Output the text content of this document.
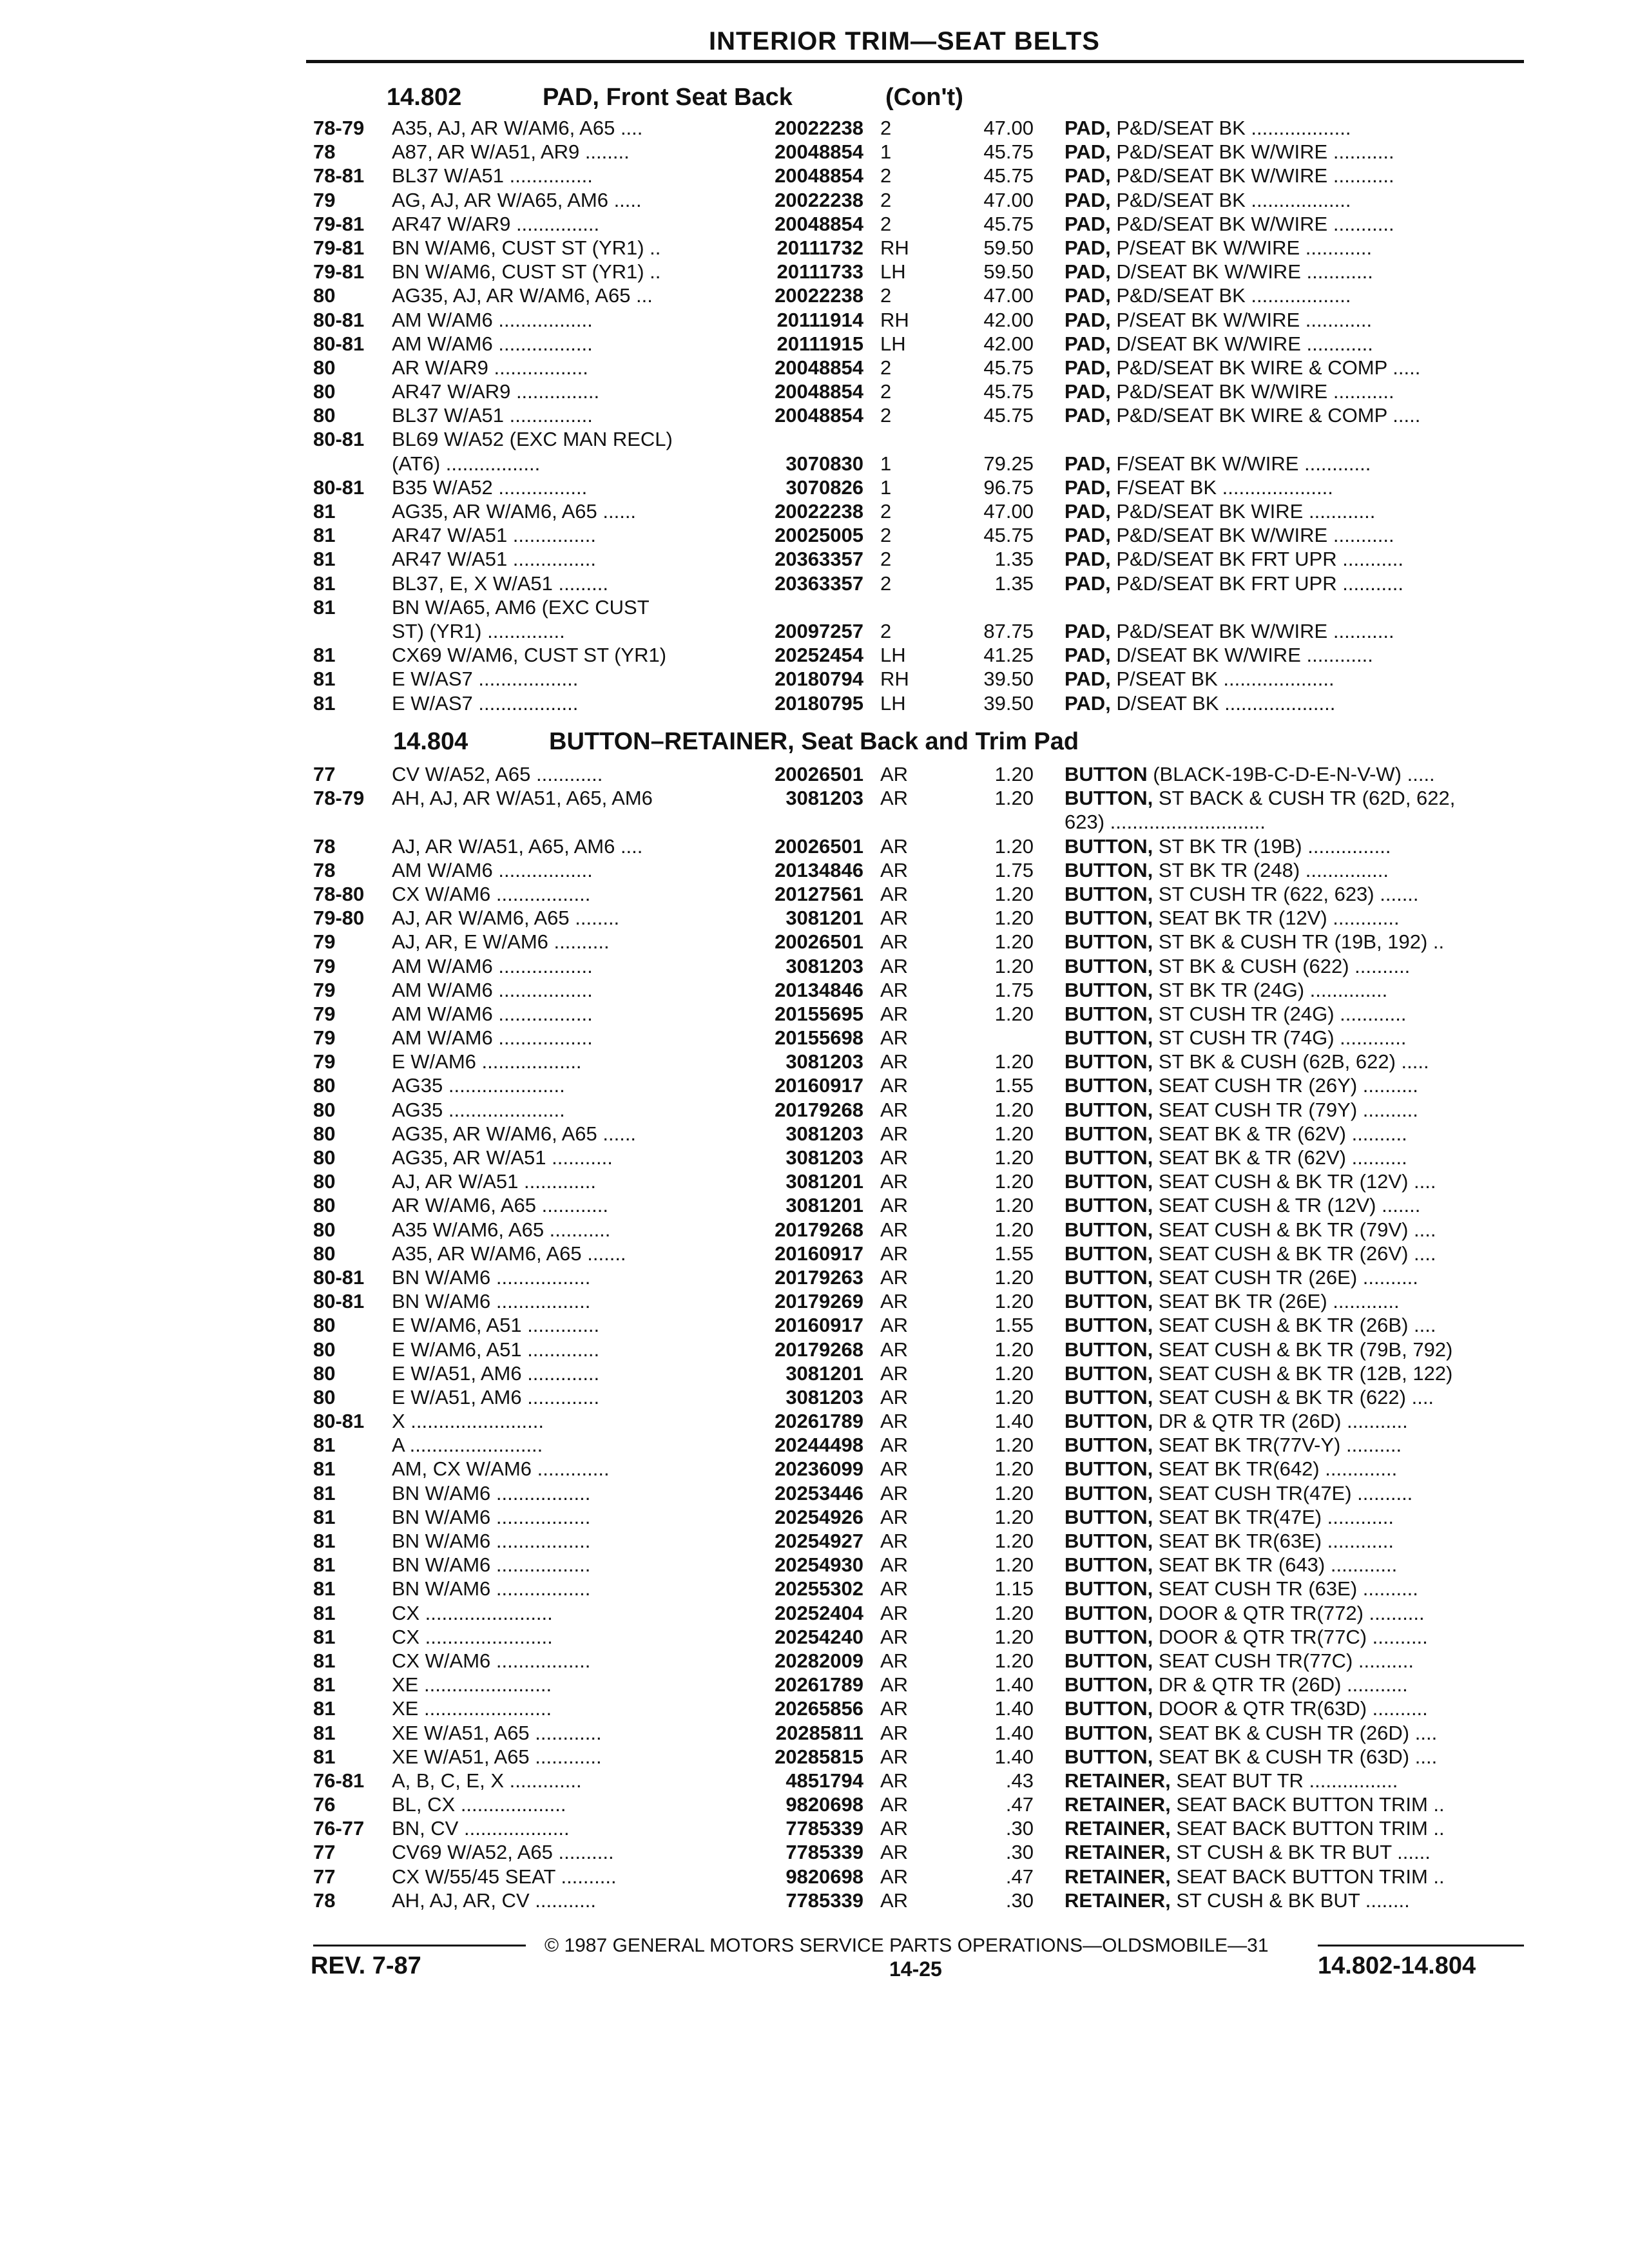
INTERIOR TRIM—SEAT BELTS
14.802	PAD, Front Seat Back	(Con't)
78-79	A35, AJ, AR W/AM6, A65 ....	20022238 2	47.00 PAD, P&D/SEAT BK ..................
78	A87, AR W/A51, AR9 ........	20048854 1	45.75 PAD, P&D/SEAT BK W/WIRE ...........
78-81	BL37 W/A51 ...............	20048854 2	45.75 PAD, P&D/SEAT BK W/WIRE ...........
79	AG, AJ, AR W/A65, AM6 .....	20022238 2	47.00 PAD, P&D/SEAT BK ..................
79-81	AR47 W/AR9 ...............	20048854 2	45.75 PAD, P&D/SEAT BK W/WIRE ...........
79-81	BN W/AM6, CUST ST (YR1) ..	20111732 RH	59.50 PAD, P/SEAT BK W/WIRE ............
79-81	BN W/AM6, CUST ST (YR1) ..	20111733 LH	59.50 PAD, D/SEAT BK W/WIRE ............
80	AG35, AJ, AR W/AM6, A65 ...	20022238 2	47.00 PAD, P&D/SEAT BK ..................
80-81	AM W/AM6 .................	20111914 RH	42.00 PAD, P/SEAT BK W/WIRE ............
80-81	AM W/AM6 .................	20111915 LH	42.00 PAD, D/SEAT BK W/WIRE ............
80	AR W/AR9 .................	20048854 2	45.75 PAD, P&D/SEAT BK WIRE & COMP .....
80	AR47 W/AR9 ...............	20048854 2	45.75 PAD, P&D/SEAT BK W/WIRE ...........
80	BL37 W/A51 ...............	20048854 2	45.75 PAD, P&D/SEAT BK WIRE & COMP .....
80-81	BL69 W/A52 (EXC MAN RECL)
(AT6) .................	3070830 1	79.25 PAD, F/SEAT BK W/WIRE ............
80-81	B35 W/A52 ................	3070826 1	96.75 PAD, F/SEAT BK ....................
81	AG35, AR W/AM6, A65 ......	20022238 2	47.00 PAD, P&D/SEAT BK WIRE ............
81	AR47 W/A51 ...............	20025005 2	45.75 PAD, P&D/SEAT BK W/WIRE ...........
81	AR47 W/A51 ...............	20363357 2	1.35 PAD, P&D/SEAT BK FRT UPR ...........
81	BL37, E, X W/A51 .........	20363357 2	1.35 PAD, P&D/SEAT BK FRT UPR ...........
81	BN W/A65, AM6 (EXC CUST
ST) (YR1) ..............	20097257 2	87.75 PAD, P&D/SEAT BK W/WIRE ...........
81	CX69 W/AM6, CUST ST (YR1)	20252454 LH	41.25 PAD, D/SEAT BK W/WIRE ............
81	E W/AS7 ..................	20180794 RH	39.50 PAD, P/SEAT BK ....................
81	E W/AS7 ..................	20180795 LH	39.50 PAD, D/SEAT BK ....................
14.804	BUTTON–RETAINER, Seat Back and Trim Pad
77	CV W/A52, A65 ............	20026501 AR	1.20 BUTTON (BLACK-19B-C-D-E-N-V-W) .....
78-79	AH, AJ, AR W/A51, A65, AM6	3081203 AR	1.20 BUTTON, ST BACK & CUSH TR (62D, 622,
623) ............................
78	AJ, AR W/A51, A65, AM6 ....	20026501 AR	1.20 BUTTON, ST BK TR (19B) ...............
78	AM W/AM6 .................	20134846 AR	1.75 BUTTON, ST BK TR (248) ...............
78-80	CX W/AM6 .................	20127561 AR	1.20 BUTTON, ST CUSH TR (622, 623) .......
79-80	AJ, AR W/AM6, A65 ........	3081201 AR	1.20 BUTTON, SEAT BK TR (12V) ............
79	AJ, AR, E W/AM6 ..........	20026501 AR	1.20 BUTTON, ST BK & CUSH TR (19B, 192) ..
79	AM W/AM6 .................	3081203 AR	1.20 BUTTON, ST BK & CUSH (622) ..........
79	AM W/AM6 .................	20134846 AR	1.75 BUTTON, ST BK TR (24G) ..............
79	AM W/AM6 .................	20155695 AR	1.20 BUTTON, ST CUSH TR (24G) ............
79	AM W/AM6 .................	20155698 AR	BUTTON, ST CUSH TR (74G) ............
79	E W/AM6 ..................	3081203 AR	1.20 BUTTON, ST BK & CUSH (62B, 622) .....
80	AG35 .....................	20160917 AR	1.55 BUTTON, SEAT CUSH TR (26Y) ..........
80	AG35 .....................	20179268 AR	1.20 BUTTON, SEAT CUSH TR (79Y) ..........
80	AG35, AR W/AM6, A65 ......	3081203 AR	1.20 BUTTON, SEAT BK & TR (62V) ..........
80	AG35, AR W/A51 ...........	3081203 AR	1.20 BUTTON, SEAT BK & TR (62V) ..........
80	AJ, AR W/A51 .............	3081201 AR	1.20 BUTTON, SEAT CUSH & BK TR (12V) ....
80	AR W/AM6, A65 ............	3081201 AR	1.20 BUTTON, SEAT CUSH & TR (12V) .......
80	A35 W/AM6, A65 ...........	20179268 AR	1.20 BUTTON, SEAT CUSH & BK TR (79V) ....
80	A35, AR W/AM6, A65 .......	20160917 AR	1.55 BUTTON, SEAT CUSH & BK TR (26V) ....
80-81	BN W/AM6 .................	20179263 AR	1.20 BUTTON, SEAT CUSH TR (26E) ..........
80-81	BN W/AM6 .................	20179269 AR	1.20 BUTTON, SEAT BK TR (26E) ............
80	E W/AM6, A51 .............	20160917 AR	1.55 BUTTON, SEAT CUSH & BK TR (26B) ....
80	E W/AM6, A51 .............	20179268 AR	1.20 BUTTON, SEAT CUSH & BK TR (79B, 792)
80	E W/A51, AM6 .............	3081201 AR	1.20 BUTTON, SEAT CUSH & BK TR (12B, 122)
80	E W/A51, AM6 .............	3081203 AR	1.20 BUTTON, SEAT CUSH & BK TR (622) ....
80-81	X ........................	20261789 AR	1.40 BUTTON, DR & QTR TR (26D) ...........
81	A ........................	20244498 AR	1.20 BUTTON, SEAT BK TR(77V-Y) ..........
81	AM, CX W/AM6 .............	20236099 AR	1.20 BUTTON, SEAT BK TR(642) .............
81	BN W/AM6 .................	20253446 AR	1.20 BUTTON, SEAT CUSH TR(47E) ..........
81	BN W/AM6 .................	20254926 AR	1.20 BUTTON, SEAT BK TR(47E) ............
81	BN W/AM6 .................	20254927 AR	1.20 BUTTON, SEAT BK TR(63E) ............
81	BN W/AM6 .................	20254930 AR	1.20 BUTTON, SEAT BK TR (643) ............
81	BN W/AM6 .................	20255302 AR	1.15 BUTTON, SEAT CUSH TR (63E) ..........
81	CX .......................	20252404 AR	1.20 BUTTON, DOOR & QTR TR(772) ..........
81	CX .......................	20254240 AR	1.20 BUTTON, DOOR & QTR TR(77C) ..........
81	CX W/AM6 .................	20282009 AR	1.20 BUTTON, SEAT CUSH TR(77C) ..........
81	XE .......................	20261789 AR	1.40 BUTTON, DR & QTR TR (26D) ...........
81	XE .......................	20265856 AR	1.40 BUTTON, DOOR & QTR TR(63D) ..........
81	XE W/A51, A65 ............	20285811 AR	1.40 BUTTON, SEAT BK & CUSH TR (26D) ....
81	XE W/A51, A65 ............	20285815 AR	1.40 BUTTON, SEAT BK & CUSH TR (63D) ....
76-81	A, B, C, E, X .............	4851794 AR	.43 RETAINER, SEAT BUT TR ................
76	BL, CX ...................	9820698 AR	.47 RETAINER, SEAT BACK BUTTON TRIM ..
76-77	BN, CV ...................	7785339 AR	.30 RETAINER, SEAT BACK BUTTON TRIM ..
77	CV69 W/A52, A65 ..........	7785339 AR	.30 RETAINER, ST CUSH & BK TR BUT ......
77	CX W/55/45 SEAT ..........	9820698 AR	.47 RETAINER, SEAT BACK BUTTON TRIM ..
78	AH, AJ, AR, CV ...........	7785339 AR	.30 RETAINER, ST CUSH & BK BUT ........
© 1987 GENERAL MOTORS SERVICE PARTS OPERATIONS—OLDSMOBILE—31
REV. 7-87	14-25	14.802-14.804
